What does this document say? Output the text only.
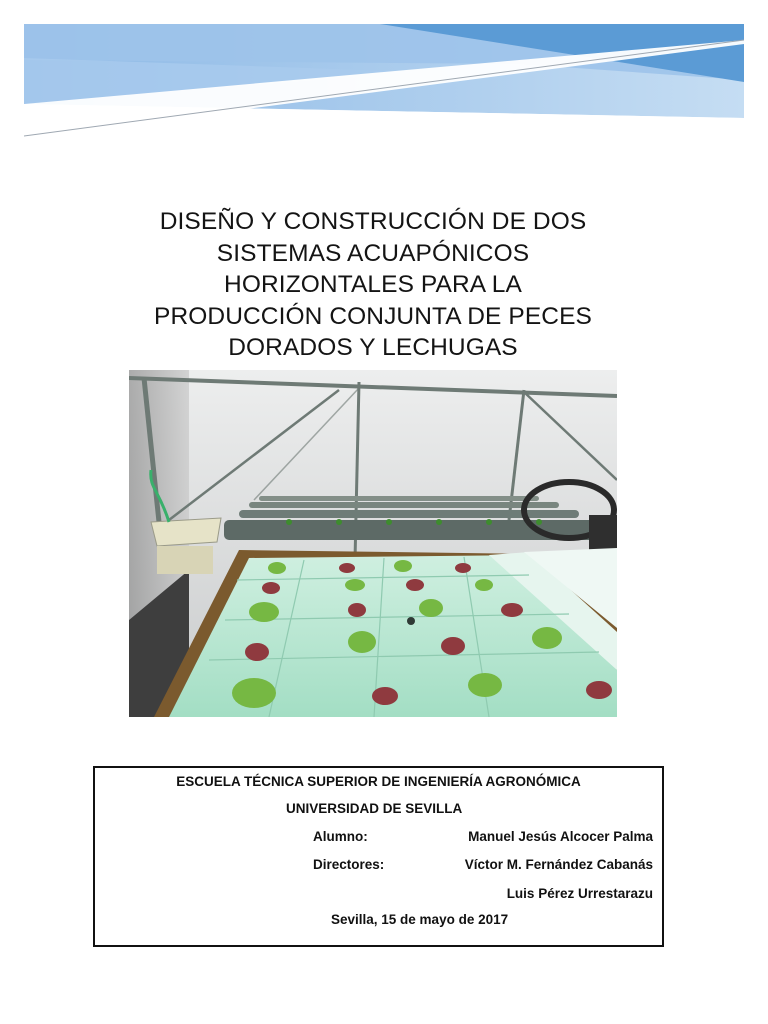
DISEÑO Y CONSTRUCCIÓN DE DOS
SISTEMAS ACUAPÓNICOS
HORIZONTALES PARA LA
PRODUCCIÓN CONJUNTA DE PECES
DORADOS Y LECHUGAS
ESCUELA TÉCNICA SUPERIOR DE INGENIERÍA AGRONÓMICA
UNIVERSIDAD DE SEVILLA
Alumno:	Manuel Jesús Alcocer Palma
Directores:	Víctor M. Fernández Cabanás
Luis Pérez Urrestarazu
Sevilla, 15 de mayo de 2017
